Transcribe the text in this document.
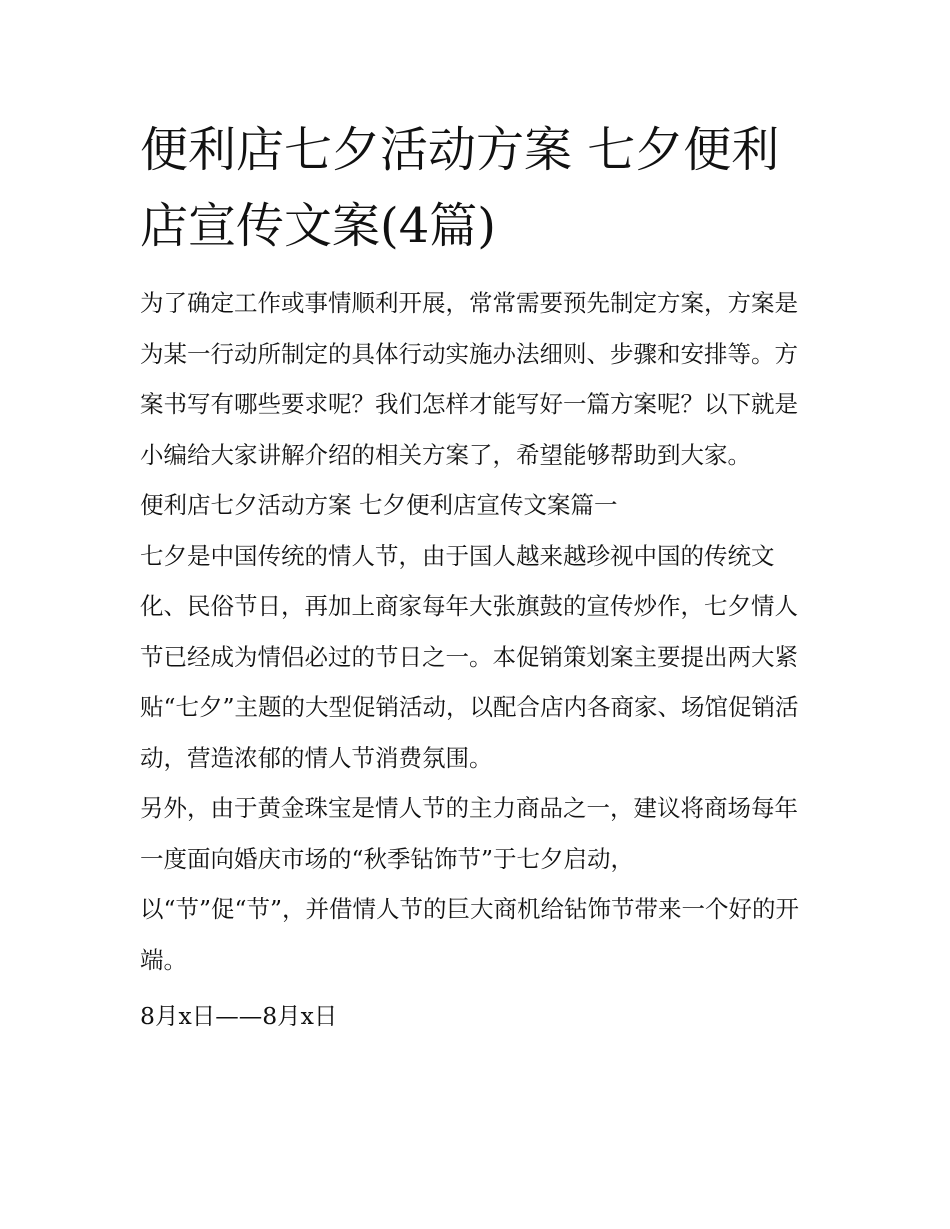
便利店七夕活动方案 七夕便利店宣传文案(4篇)

为了确定工作或事情顺利开展，常常需要预先制定方案，方案是为某一行动所制定的具体行动实施办法细则、步骤和安排等。方案书写有哪些要求呢？我们怎样才能写好一篇方案呢？以下就是小编给大家讲解介绍的相关方案了，希望能够帮助到大家。

便利店七夕活动方案 七夕便利店宣传文案篇一

七夕是中国传统的情人节，由于国人越来越珍视中国的传统文化、民俗节日，再加上商家每年大张旗鼓的宣传炒作，七夕情人节已经成为情侣必过的节日之一。本促销策划案主要提出两大紧贴“七夕”主题的大型促销活动，以配合店内各商家、场馆促销活动，营造浓郁的情人节消费氛围。

另外，由于黄金珠宝是情人节的主力商品之一，建议将商场每年一度面向婚庆市场的“秋季钻饰节”于七夕启动，

以“节”促“节”，并借情人节的巨大商机给钻饰节带来一个好的开端。

8月x日——8月x日
